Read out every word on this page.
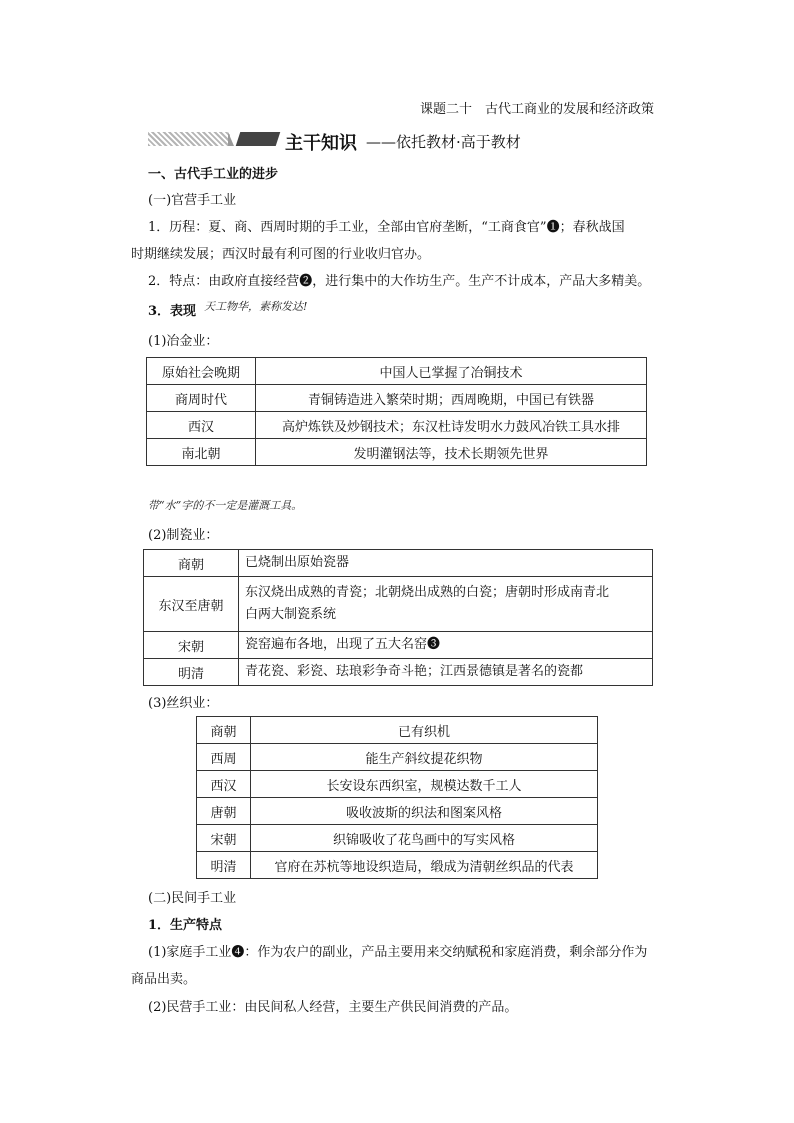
课题二十　古代工商业的发展和经济政策
主干知识 ——依托教材·高于教材
一、古代手工业的进步
(一)官营手工业
1．历程：夏、商、西周时期的手工业，全部由官府垄断，“工商食官”❶；春秋战国
时期继续发展；西汉时最有利可图的行业收归官办。
2．特点：由政府直接经营❷，进行集中的大作坊生产。生产不计成本，产品大多精美。
3．表现 天工物华，素称发达!
(1)冶金业：
原始社会晚期	中国人已掌握了冶铜技术
商周时代	青铜铸造进入繁荣时期；西周晚期，中国已有铁器
西汉	高炉炼铁及炒钢技术；东汉杜诗发明水力鼓风冶铁工具水排
南北朝	发明灌钢法等，技术长期领先世界
带“水”字的不一定是灌溉工具。
(2)制瓷业：
商朝	已烧制出原始瓷器
东汉至唐朝	东汉烧出成熟的青瓷；北朝烧出成熟的白瓷；唐朝时形成南青北
白两大制瓷系统

宋朝	瓷窑遍布各地，出现了五大名窑❸
明清	青花瓷、彩瓷、珐琅彩争奇斗艳；江西景德镇是著名的瓷都
(3)丝织业：
商朝	已有织机
西周	能生产斜纹提花织物
西汉	长安设东西织室，规模达数千工人
唐朝	吸收波斯的织法和图案风格
宋朝	织锦吸收了花鸟画中的写实风格
明清	官府在苏杭等地设织造局，缎成为清朝丝织品的代表
(二)民间手工业
1．生产特点
(1)家庭手工业❹：作为农户的副业，产品主要用来交纳赋税和家庭消费，剩余部分作为
商品出卖。
(2)民营手工业：由民间私人经营，主要生产供民间消费的产品。
